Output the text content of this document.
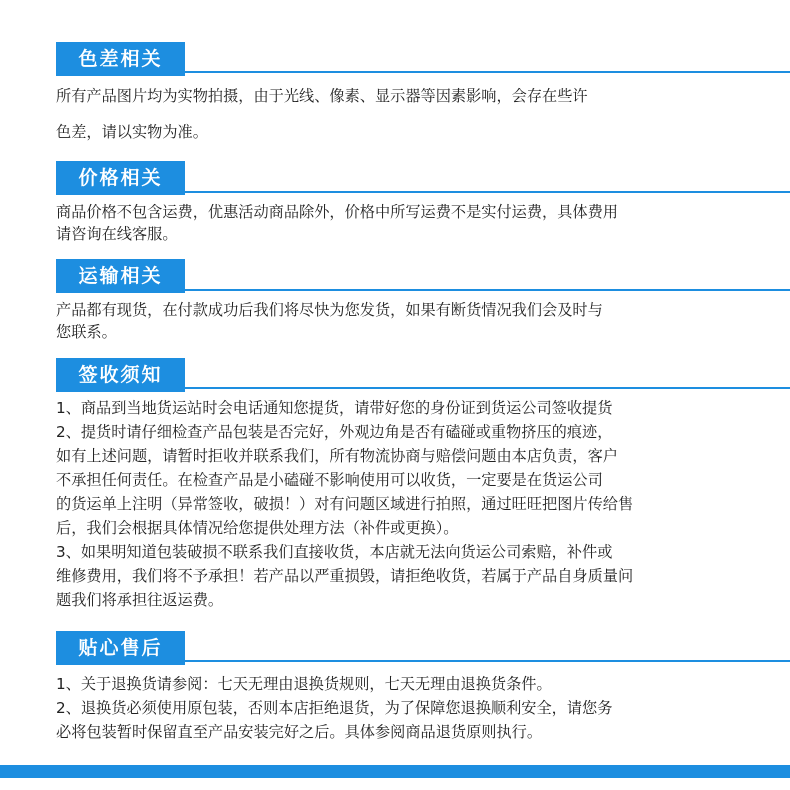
色差相关
所有产品图片均为实物拍摄，由于光线、像素、显示器等因素影响，会存在些许
色差，请以实物为准。
价格相关
商品价格不包含运费，优惠活动商品除外，价格中所写运费不是实付运费，具体费用
请咨询在线客服。
运输相关
产品都有现货，在付款成功后我们将尽快为您发货，如果有断货情况我们会及时与
您联系。
签收须知
1、商品到当地货运站时会电话通知您提货，请带好您的身份证到货运公司签收提货
2、提货时请仔细检查产品包装是否完好，外观边角是否有磕碰或重物挤压的痕迹，
如有上述问题，请暂时拒收并联系我们，所有物流协商与赔偿问题由本店负责，客户
不承担任何责任。在检查产品是小磕碰不影响使用可以收货，一定要是在货运公司
的货运单上注明（异常签收，破损！）对有问题区域进行拍照，通过旺旺把图片传给售
后，我们会根据具体情况给您提供处理方法（补件或更换）。
3、如果明知道包装破损不联系我们直接收货，本店就无法向货运公司索赔，补件或
维修费用，我们将不予承担！若产品以严重损毁，请拒绝收货，若属于产品自身质量问
题我们将承担往返运费。
贴心售后
1、关于退换货请参阅：七天无理由退换货规则，七天无理由退换货条件。
2、退换货必须使用原包装，否则本店拒绝退货，为了保障您退换顺利安全，请您务
必将包装暂时保留直至产品安装完好之后。具体参阅商品退货原则执行。
